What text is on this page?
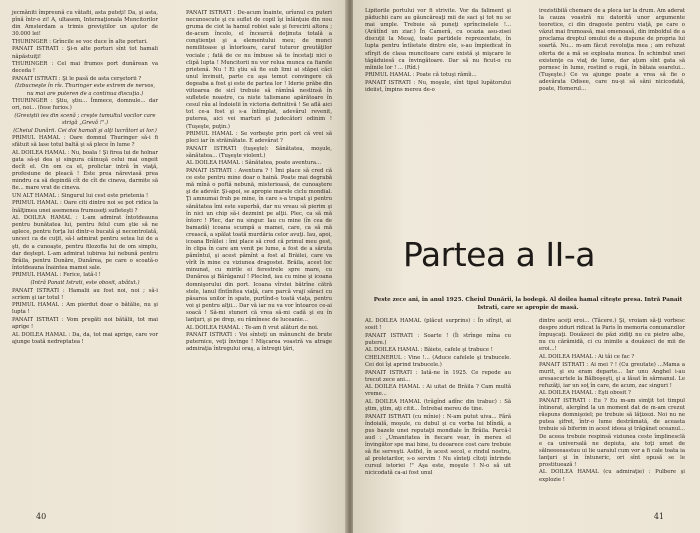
jecmăniti împreună cu vătafii, asta puteţi! Da, şi asta, pînă într-o zi! A, ultasem, Internaţionala Muncitorilor din Amsterdam a trimis greviştilor un ajutor de 30.000 lei!

THURINGER : Grîncile se voc duce în alte porturi.

PANAIT ISTRATI : Şi-n alte porturi sînt tot hamali năpăstuiţi!

THURINGER : Cel mai frumos port dunărean va deceda !

PANAIT ISTRATI : Şi le pasă de asta cerşetorii ?

(Izbucneşte în rîs. Thuringer este extrem de nervos, nu mai are puteren de a continua discuţia.)

THURINGER : Ştiu, ştiu... Îmmece, domnule... dar ori, noi... (fese furios.)

(Greviştii ies din scenă ; creşte tumultul vocilor care strigă „Grevă !".)

(Cheiul Dunării. Cei doi hamali şi alţi lucrători ai lor.)

PRIMUL HAMAL : Oare domnul Thuringer să-i fi sfătuit să lase totul baltă şi să plece în lume ?

AL DOILEA HAMAL : Nu, boala ! Şi firea lui de holnar gata să-şi dea şi singura căinuşă celui mai ongeit decît el. On om ca el, prolictar intră în viaţă, profesiune de pleacă ! Este prea năreviasă prea mindru ca să depindă cît de cît de cineva, darmite să fie... mare vrat de cineva.

UN ALT HAMAL : Singurul lui cest este prietenia !

PRIMUL HAMAL : Oare citi dintre noi se pot ridica la înălţimea unei asemenea frumuseţi sufleteşti ?

AL DOILEA HAMAL : L-am admirat întotdeauna pentru bunătatea lui, pentru felul cum ştie să ne aplece, pentru forţa lui dintr-o bucată şi necontrolată, unceci ca de cuţit, să-l admirat pentru setea lui de a şti, de a cunoaşte, pentru filozofia lui de om simplu, dar deştept. L-am admirat iubirea lui nebună pentru Brăila, pentru Dunăre, Dunărea, pe care o scoată-o întotdeauna înaintea mamei sale.

PRIMUL HAMAL : Ferice, lată-l !

(Intră Panait Istrati, este obosit, abătut.)

PANAIT ISTRATI : Hamalii au fost noi, noi ; să-i scriem şi iar totul !

PRIMUL HAMAL : Am pierdut doar o bătălie, nu şi lupta !

PANAIT ISTRATI : Vom pregăti noi bătălii, tot mai aprige !

AL DOILEA HAMAL : Da, da, tot mai aprige, care vor ajunge toată nedreptatea !

PANAIT ISTRATI : De-acum înainte, urîunul cu puteri necunoscute şi cu suflet de copil îşi înlănţuie din nou gruma de ciot la hamul robiei sale şi ferecirii altora ; de-acum încolo, el încearcă deţinuta totală a conştienţei şi a elementului meu; de munci nemilitoase şi întorloare, caruf tuturor greutăţilor vociale ; fată de ce nu îmbuse să te încetaţi nici o clipă lupta ! Muncitorii nu vor relua munca ca fiarele prietenă. Nu ! Ei ştiu să fie sub limi ai stăpei căci unul învinuit, parte cu aşa temut convingere că degeaba a fost şi este de partea lor ! Iderie prăbe din viitoarea de sicî trebuie să rămînă nestinsă în sufletele noastre, ca niste talismane apărătoare în cesul rău al îndoielii în victoria definitivă ! Se află aici tot ce-a fost şi s-a întîmplat, adevărul revenit, puterea, aici vei marturi şi judecători odinim ! (Tuşeşte, puţin.)

PRIMUL HAMAL : Se vorbeşte prin port că vrei să pleci iar în străinătate. E adevărat ?

PANAIT ISTRATI (tuşeşte): Sănătatea, moşule, sănătatea... (Tuşeşte violent.)

AL DOILEA HAMAL : Sănătatea, poate aventura...

PANAIT ISTRATI : Aventura ? ! Îmi place să cred că ce este pentru mine doar o haină. Poate mai degrabă mă mînă o poftă nebună, misterioasă, de cunoaştere şi de adevăr. Şi-apoi, se apropie marele ciclu mondial. Ţi amnumai fruh pe mine, în care s-a trupat şi pentru sănătatea îmi este superbă, dar nu vreau să pierim şi în nici un chip să-i dezmint pe alţii. Plec, ca să mă întorc ! Plec, dar nu singur. Iau cu mine (în cea de bamadă) icoana scumpă a mamei, care, ca să mă crească, a spălat toată murdăria celor avuţi. Iau, apoi, icoana Brăilei : îmi place să cred că primul meu gest, în clipa în care am venit pe lume, a fost de a săruta pămîntul, şi acest pămînt a fost al Brăilei, care va vîrît în mine cu viziunea dragostei. Brăila, acest loc minunat, cu mirile ei ferestrele spre mare, cu Dunărea şi Bărăganul ! Pleclnd, iau cu mine şi icoana domnişorului din port. Icoana vîrstei bătrîne cătră stele, lanul fîntînitea viaţă, care parcă vraji săraci cu păsarea unilor în spate, purtînd-o toată viaţa, pentru voi şi pentru alţii... Dar vă iar nu va vor întoarce ce-ai soacă ! Să-mi stuneri că vrea să-mi cadă şi eu în lanţuri, şi pe drep, eu rămînesc de luceanie...

AL DOILEA HAMAL : Te-am fi vrut alături de noi.

PANAIT ISTRATI : Voi sînteţi un mănunchi de brute puternice, veţi învinge ! Mişcarea voastră va atrage admiraţia întregului oraş, a întregii ţări,

40

Lipitorile portului vor fi strivite. Vor da faliment şi păduchii care au găuncăreaţi mii de saci şi tot nu se mai umple. Trebuie să puneţi sprîncinelele !... (Arătînd un ziar.) În Cameră, cu ocazia asu-zisei discuţii la Mesaj, toate partidele reprezentate, în lupta pentru întîietate dintre ele, s-au împiedicat în sfîrşit de clasa muncitoare care există şi mişcare le tăgăduiesă ca învingătoare. Dar să nu ficut-o cu mîinile lor ! ... (Rîd.)

PRIMUL HAMAL : Poate că totuşi rămîi...

PANAIT ISTRATI : Nu, moşule, sînt tipul lupătorului ideiist, împins mereu de-o

irezistibilă chemare de a pleca iar la drum. Am aderat la cauza voastră nu datorită unor argumente teoretice, ci din dragoste pentru viaţă, pe care o văzut mai frumoasă, mai omenoasă, din imboldul de a proclama dreptul omului de a dispune de propria lui soartă. Nu... m-am făcut revoluţia mea ; am refuzat oferta de a mă se exploata munca. În schimbul unei existenţe ca viaţ de lume, dar aţum sînt gata să pornesc în lume, rostind o rugă, în bătaia soarelui... (Tuşeşte.) Ce va ajunge poate a vrea să fie o adevărata Odisee, care nu-şi să săni nicicodată, poate, Homerul...

Partea a II-a
Peste zece ani, în anul 1925. Cheiul Dunării, la bodegă. Al doilea hamal citeşte presa. Intră Panait Istrati, care se apropie de masă.

AL DOILEA HAMAL (plăcut surprins) : În sfîrşit, ai sosit !

PANAIT ISTRATI : Soarte ! (Îi strînge mîna cu putere.)

AL DOILEA HAMAL : Băiete, cafele şi trabuce !

CHELNERUL : Vine !... (Aduce cafelele şi trabucele. Cei doi îşi aprind trabucele.)

PANAIT ISTRATI : Iată-ne în 1925. Ce repede au trecut zece ani...

AL DOILEA HAMAL : Ai uitat de Brăila ? Cam multă vreme...

AL DOILEA HAMAL (trăgînd adînc din trabuc) : Să ştim, ştim, aţi citit... Întrebai mereu de tine.

PANAIT ISTRATI (cu mînie) : N-am putut uiva... Fără îndoială, moşule, cu dubul şi cu vorba lui blîndă, a pus bazele unei reputaţii mondiale în Brăila. Parcă-l aud : „Umanitatea în fiecare vear, în mereu el învingător spe mai bine, tu deoarece cost care trebuie să fie serveşti. Astfel, în acest secol, e rindul nostru, al proletarilor, s-o servim ! Nu sînteţi cîtoţi întrinde cursul istoriei !" Aşa este, moşule ! N-o să uit nicicodată ca-ai fost unul

dintre aceţi eroi... (Tăcere.) Şi, vroiam să-ţi vorbesc despre ziduri ridicat la Paris în memoria comunarzilor împuşcaţi. Douăzeci de păzi zidiţi nu cu pietre albe, nu cu cărămidă, ci cu inimile a douăzeci de mii de eroi...!

AL DOILEA HAMAL : Ai tăi ce fac ?

PANAIT ISTRATI : Ai mei ? ! (Cu greutate) ...Mama a murit, şi eu eram departe... Iar unu Anghel i-au aresascurtele la Bălboşeşti, şi a lăsat în sărmanul. Le refuzăţi, iar un soţ în care, de acum, zac singuri !

AL DOILEA HAMAL : Eşti obosit ?

PANAIT ISTRATI : Eu ? Eu m-am simţit tot timpul întinerat, alergînd la un moment dat de m-am crezut răspuns domnişoiel; pe trebuie să lăţizezi. Noi nu ne putea şifret, într-o lume destrămată, de aceasta trebuie să biferim in acest ideea şi trăgănet oceanul... De aceea trebuie respinsă viziunea ceste împlinesclă e ca universală ne depiuta, aiu toţi umet de sălneeeeasstuu ui lie uaraiul cum vor a fi cale toata ia lanţuri şi în întuneric, ori sînt opusă se le prostituează !

AL DOILEA HAMAL (cu admiraţie) : Pulbere şi explozie !

41
